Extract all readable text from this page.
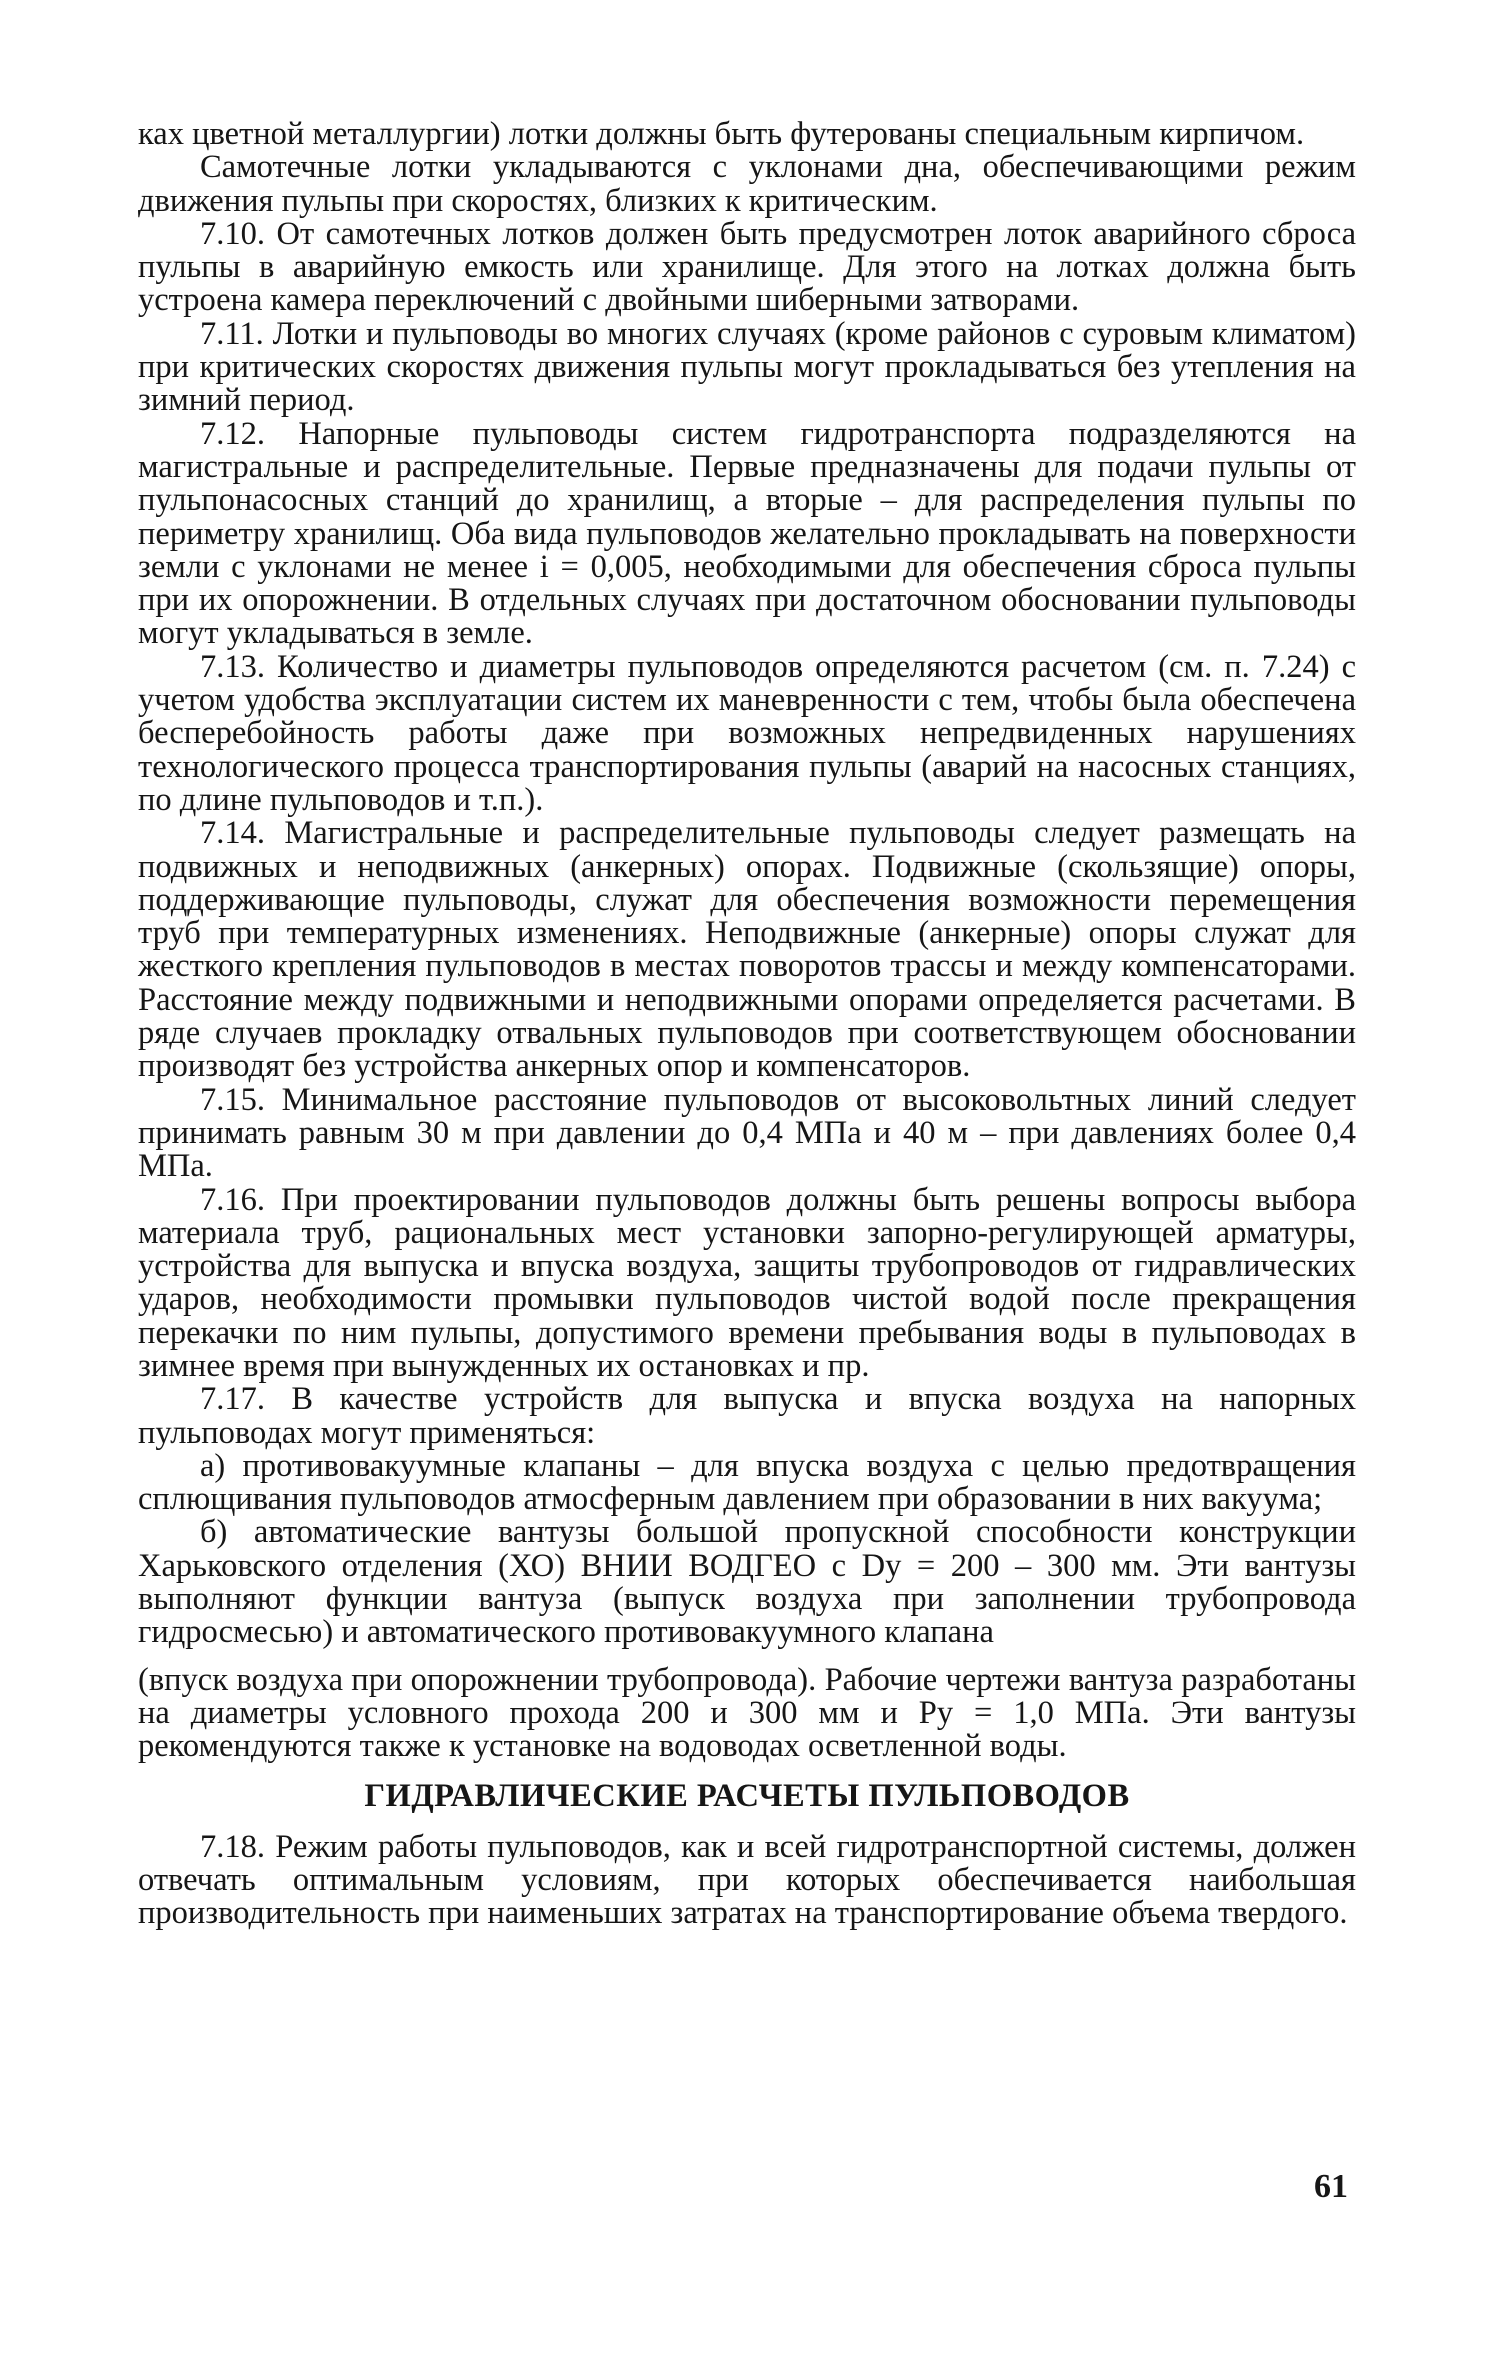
ках цветной металлургии) лотки должны быть футерованы специальным кирпичом.

Самотечные лотки укладываются с уклонами дна, обеспечивающими режим движения пульпы при скоростях, близких к критическим.

7.10. От самотечных лотков должен быть предусмотрен лоток аварийного сброса пульпы в аварийную емкость или хранилище. Для этого на лотках должна быть устроена камера переключений с двойными шиберными затворами.

7.11. Лотки и пульповоды во многих случаях (кроме районов с суровым климатом) при критических скоростях движения пульпы могут прокладываться без утепления на зимний период.

7.12. Напорные пульповоды систем гидротранспорта подразделяются на магистральные и распределительные. Первые предназначены для подачи пульпы от пульпонасосных станций до хранилищ, а вторые – для распределения пульпы по периметру хранилищ. Оба вида пульповодов желательно прокладывать на поверхности земли с уклонами не менее i = 0,005, необходимыми для обеспечения сброса пульпы при их опорожнении. В отдельных случаях при достаточном обосновании пульповоды могут укладываться в земле.

7.13. Количество и диаметры пульповодов определяются расчетом (см. п. 7.24) с учетом удобства эксплуатации систем их маневренности с тем, чтобы была обеспечена бесперебойность работы даже при возможных непредвиденных нарушениях технологического процесса транспортирования пульпы (аварий на насосных станциях, по длине пульповодов и т.п.).

7.14. Магистральные и распределительные пульповоды следует размещать на подвижных и неподвижных (анкерных) опорах. Подвижные (скользящие) опоры, поддерживающие пульповоды, служат для обеспечения возможности перемещения труб при температурных изменениях. Неподвижные (анкерные) опоры служат для жесткого крепления пульповодов в местах поворотов трассы и между компенсаторами. Расстояние между подвижными и неподвижными опорами определяется расчетами. В ряде случаев прокладку отвальных пульповодов при соответствующем обосновании производят без устройства анкерных опор и компенсаторов.

7.15. Минимальное расстояние пульповодов от высоковольтных линий следует принимать равным 30 м при давлении до 0,4 МПа и 40 м – при давлениях более 0,4 МПа.

7.16. При проектировании пульповодов должны быть решены вопросы выбора материала труб, рациональных мест установки запорно-регулирующей арматуры, устройства для выпуска и впуска воздуха, защиты трубопроводов от гидравлических ударов, необходимости промывки пульповодов чистой водой после прекращения перекачки по ним пульпы, допустимого времени пребывания воды в пульповодах в зимнее время при вынужденных их остановках и пр.

7.17. В качестве устройств для выпуска и впуска воздуха на напорных пульповодах могут применяться:

а) противовакуумные клапаны – для впуска воздуха с целью предотвращения сплющивания пульповодов атмосферным давлением при образовании в них вакуума;

б) автоматические вантузы большой пропускной способности конструкции Харьковского отделения (ХО) ВНИИ ВОДГЕО с Dу = 200 – 300 мм. Эти вантузы выполняют функции вантуза (выпуск воздуха при заполнении трубопровода гидросмесью) и автоматического противовакуумного клапана

(впуск воздуха при опорожнении трубопровода). Рабочие чертежи вантуза разработаны на диаметры условного прохода 200 и 300 мм и Pу = 1,0 МПа. Эти вантузы рекомендуются также к установке на водоводах осветленной воды.

ГИДРАВЛИЧЕСКИЕ РАСЧЕТЫ ПУЛЬПОВОДОВ

7.18. Режим работы пульповодов, как и всей гидротранспортной системы, должен отвечать оптимальным условиям, при которых обеспечивается наибольшая производительность при наименьших затратах на транспортирование объема твердого.

61
